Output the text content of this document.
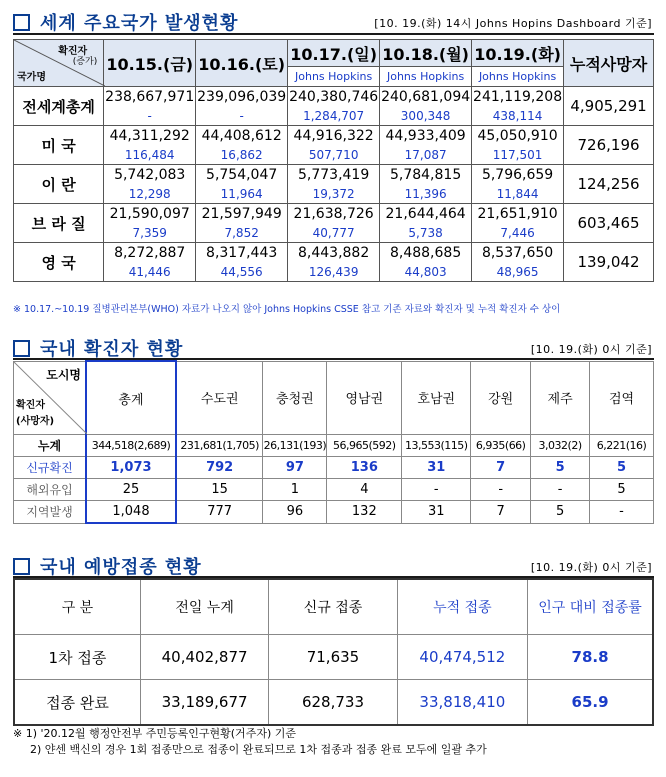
세계 주요국가 발생현황	[10. 19.(화) 14시 Johns Hopins Dashboard 기준]
확진자
(증가)
국가명	10.15.(금)	10.16.(토)	10.17.(일)	10.18.(월)	10.19.(화)	누적사망자
			Johns Hopkins	Johns Hopkins	Johns Hopkins	
전세계총계	238,667,971	239,096,039	240,380,746	240,681,094	241,119,208	4,905,291
	-	-	1,284,707	300,348	438,114	
미 국	44,311,292	44,408,612	44,916,322	44,933,409	45,050,910	726,196
	116,484	16,862	507,710	17,087	117,501	
이 란	5,742,083	5,754,047	5,773,419	5,784,815	5,796,659	124,256
	12,298	11,964	19,372	11,396	11,844	
브 라 질	21,590,097	21,597,949	21,638,726	21,644,464	21,651,910	603,465
	7,359	7,852	40,777	5,738	7,446	
영 국	8,272,887	8,317,443	8,443,882	8,488,685	8,537,650	139,042
	41,446	44,556	126,439	44,803	48,965	
※ 10.17.~10.19 질병관리본부(WHO) 자료가 나오지 않아 Johns Hopkins CSSE 참고 기존 자료와 확진자 및 누적 확진자 수 상이
국내 확진자 현황	[10. 19.(화) 0시 기준]
도시명
확진자
(사망자)	총계	수도권	충청권	영남권	호남권	강원	제주	검역
누계	344,518(2,689)	231,681(1,705)	26,131(193)	56,965(592)	13,553(115)	6,935(66)	3,032(2)	6,221(16)
신규확진	1,073	792	97	136	31	7	5	5
해외유입	25	15	1	4	-	-	-	5
지역발생	1,048	777	96	132	31	7	5	-
국내 예방접종 현황	[10. 19.(화) 0시 기준]
구 분	전일 누계	신규 접종	누적 접종	인구 대비 접종률
1차 접종	40,402,877	71,635	40,474,512	78.8
접종 완료	33,189,677	628,733	33,818,410	65.9
※ 1) '20.12월 행정안전부 주민등록인구현황(거주자) 기준
2) 얀센 백신의 경우 1회 접종만으로 접종이 완료되므로 1차 접종과 접종 완료 모두에 일괄 추가
